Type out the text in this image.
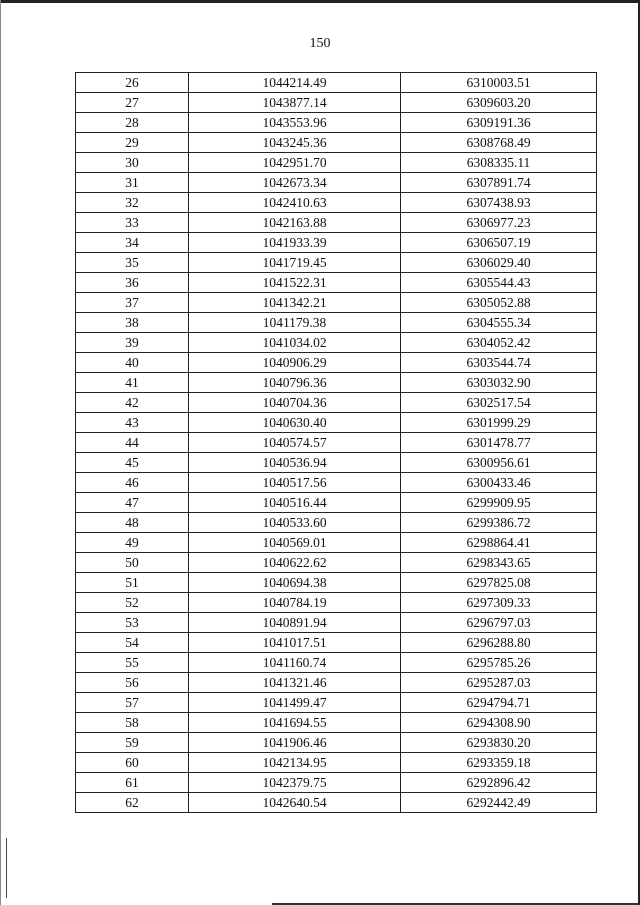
150
26	1044214.49	6310003.51
27	1043877.14	6309603.20
28	1043553.96	6309191.36
29	1043245.36	6308768.49
30	1042951.70	6308335.11
31	1042673.34	6307891.74
32	1042410.63	6307438.93
33	1042163.88	6306977.23
34	1041933.39	6306507.19
35	1041719.45	6306029.40
36	1041522.31	6305544.43
37	1041342.21	6305052.88
38	1041179.38	6304555.34
39	1041034.02	6304052.42
40	1040906.29	6303544.74
41	1040796.36	6303032.90
42	1040704.36	6302517.54
43	1040630.40	6301999.29
44	1040574.57	6301478.77
45	1040536.94	6300956.61
46	1040517.56	6300433.46
47	1040516.44	6299909.95
48	1040533.60	6299386.72
49	1040569.01	6298864.41
50	1040622.62	6298343.65
51	1040694.38	6297825.08
52	1040784.19	6297309.33
53	1040891.94	6296797.03
54	1041017.51	6296288.80
55	1041160.74	6295785.26
56	1041321.46	6295287.03
57	1041499.47	6294794.71
58	1041694.55	6294308.90
59	1041906.46	6293830.20
60	1042134.95	6293359.18
61	1042379.75	6292896.42
62	1042640.54	6292442.49
